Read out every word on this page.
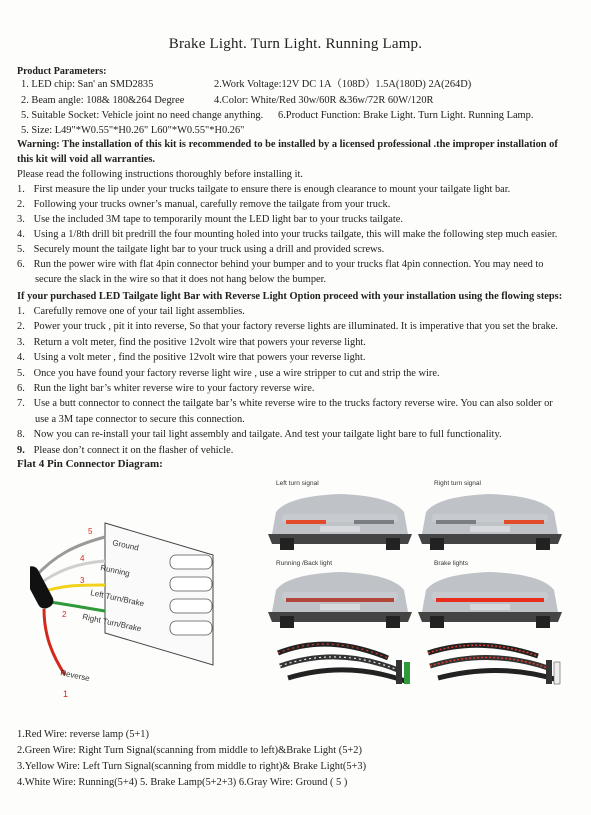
Brake Light. Turn Light. Running Lamp.
Product Parameters:
1. LED chip: San' an SMD2835	2.Work Voltage:12V DC 1A（108D）1.5A(180D) 2A(264D)
2. Beam angle: 108& 180&264 Degree	4.Color: White/Red 30w/60R &36w/72R 60W/120R
5. Suitable Socket: Vehicle joint no need change anything. 6.Product Function: Brake Light. Turn Light. Running Lamp.
5. Size: L49"*W0.55"*H0.26" L60"*W0.55"*H0.26"
Warning: The installation of this kit is recommended to be installed by a licensed professional .the improper installation of
this kit will void all warranties.
Please read the following instructions thoroughly before installing it.
1. First measure the lip under your trucks tailgate to ensure there is enough clearance to mount your tailgate light bar.
2. Following your trucks owner’s manual, carefully remove the tailgate from your truck.
3. Use the included 3M tape to temporarily mount the LED light bar to your trucks tailgate.
4. Using a 1/8th drill bit predrill the four mounting holed into your trucks tailgate, this will make the following step much easier.
5. Securely mount the tailgate light bar to your truck using a drill and provided screws.
6. Run the power wire with flat 4pin connector behind your bumper and to your trucks flat 4pin connection. You may need to
secure the slack in the wire so that it does not hang below the bumper.
If your purchased LED Tailgate light Bar with Reverse Light Option proceed with your installation using the flowing steps:
1. Carefully remove one of your tail light assemblies.
2. Power your truck , pit it into reverse, So that your factory reverse lights are illuminated. It is imperative that you set the brake.
3. Return a volt meter, find the positive 12volt wire that powers your reverse light.
4. Using a volt meter , find the positive 12volt wire that powers your reverse light.
5. Once you have found your factory reverse light wire , use a wire stripper to cut and strip the wire.
6. Run the light bar’s whiter reverse wire to your factory reverse wire.
7. Use a butt connector to connect the tailgate bar’s white reverse wire to the trucks factory reverse wire. You can also solder or
use a 3M tape connector to secure this connection.
8. Now you can re-install your tail light assembly and tailgate. And test your tailgate light bare to full functionality.
9. Please don’t connect it on the flasher of vehicle.
Flat 4 Pin Connector Diagram:
5
4
3
2
Ground
Running
Left Turn/Brake
Right Turn/Brake
Reverse
1
Left turn signal	Right turn signal
Running /Back light	Brake lights
1.Red Wire: reverse lamp (5+1)
2.Green Wire: Right Turn Signal(scanning from middle to left)&Brake Light (5+2)
3.Yellow Wire: Left Turn Signal(scanning from middle to right)& Brake Light(5+3)
4.White Wire: Running(5+4) 5. Brake Lamp(5+2+3) 6.Gray Wire: Ground ( 5 )
